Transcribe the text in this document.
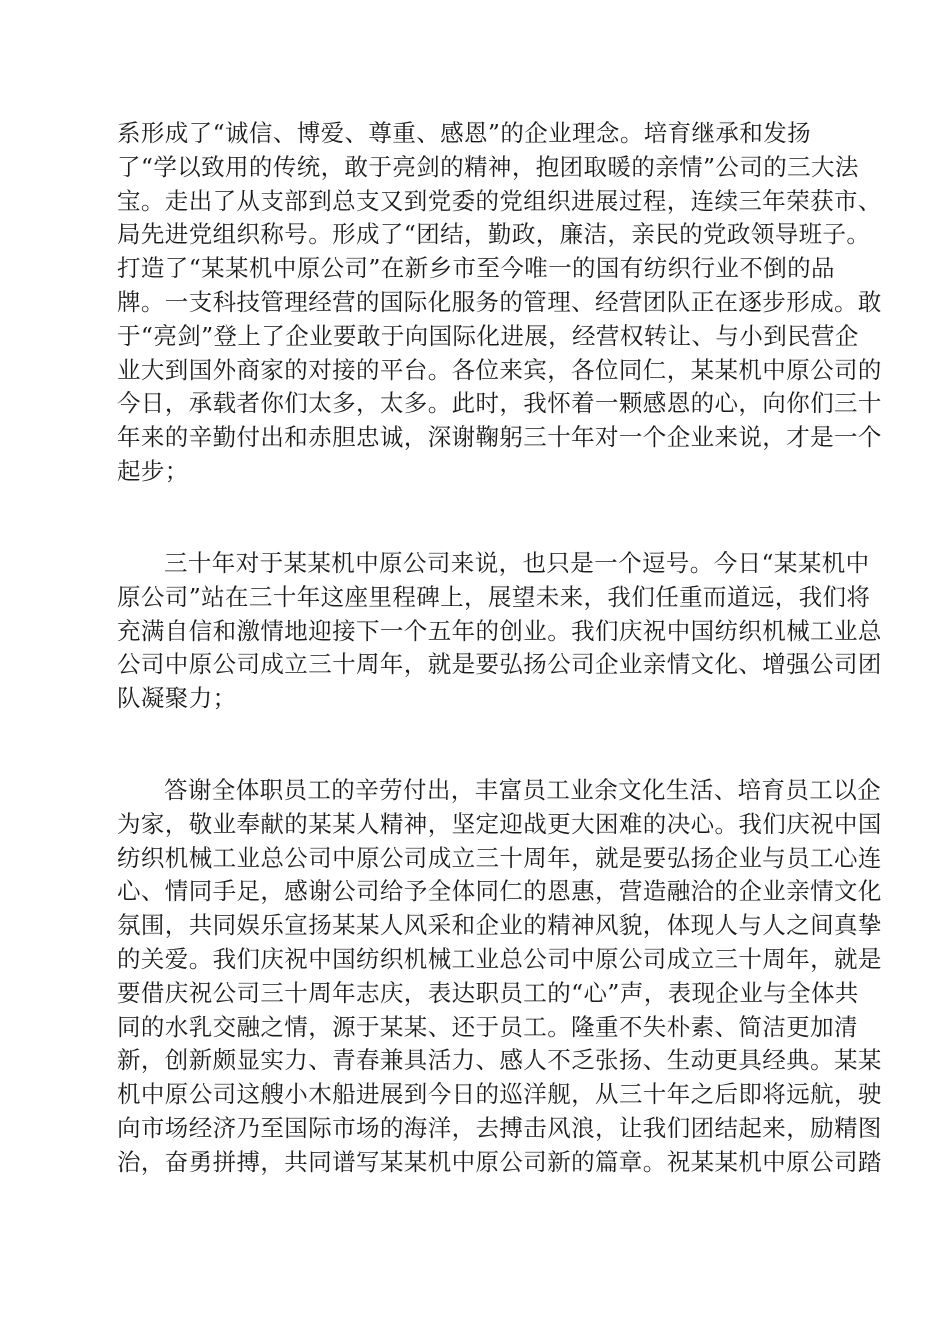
系形成了“诚信、博爱、尊重、感恩”的企业理念。培育继承和发扬
了“学以致用的传统，敢于亮剑的精神，抱团取暖的亲情”公司的三大法
宝。走出了从支部到总支又到党委的党组织进展过程，连续三年荣获市、
局先进党组织称号。形成了“团结，勤政，廉洁，亲民的党政领导班子。
打造了“某某机中原公司”在新乡市至今唯一的国有纺织行业不倒的品
牌。一支科技管理经营的国际化服务的管理、经营团队正在逐步形成。敢
于“亮剑”登上了企业要敢于向国际化进展，经营权转让、与小到民营企
业大到国外商家的对接的平台。各位来宾，各位同仁，某某机中原公司的
今日，承载者你们太多，太多。此时，我怀着一颗感恩的心，向你们三十
年来的辛勤付出和赤胆忠诚，深谢鞠躬三十年对一个企业来说，才是一个
起步；
三十年对于某某机中原公司来说，也只是一个逗号。今日“某某机中
原公司”站在三十年这座里程碑上，展望未来，我们任重而道远，我们将
充满自信和激情地迎接下一个五年的创业。我们庆祝中国纺织机械工业总
公司中原公司成立三十周年，就是要弘扬公司企业亲情文化、增强公司团
队凝聚力；
答谢全体职员工的辛劳付出，丰富员工业余文化生活、培育员工以企
为家，敬业奉献的某某人精神，坚定迎战更大困难的决心。我们庆祝中国
纺织机械工业总公司中原公司成立三十周年，就是要弘扬企业与员工心连
心、情同手足，感谢公司给予全体同仁的恩惠，营造融洽的企业亲情文化
氛围，共同娱乐宣扬某某人风采和企业的精神风貌，体现人与人之间真挚
的关爱。我们庆祝中国纺织机械工业总公司中原公司成立三十周年，就是
要借庆祝公司三十周年志庆，表达职员工的“心”声，表现企业与全体共
同的水乳交融之情，源于某某、还于员工。隆重不失朴素、简洁更加清
新，创新颇显实力、青春兼具活力、感人不乏张扬、生动更具经典。某某
机中原公司这艘小木船进展到今日的巡洋舰，从三十年之后即将远航，驶
向市场经济乃至国际市场的海洋，去搏击风浪，让我们团结起来，励精图
治，奋勇拼搏，共同谱写某某机中原公司新的篇章。祝某某机中原公司踏
